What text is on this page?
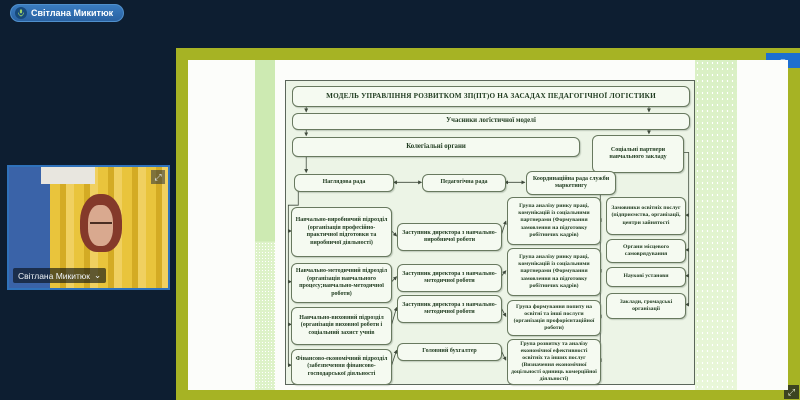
Світлана Микитюк
⤢
Світлана Микитюк ⌄
⤢
МОДЕЛЬ УПРАВЛІННЯ РОЗВИТКОМ ЗП(ПТ)О НА ЗАСАДАХ ПЕДАГОГІЧНОЇ ЛОГІСТИКИ
Учасники логістичної моделі
Колегіальні органи	Соціальні партнери навчального закладу
Наглядова рада	Педагогічна рада
Координаційна рада служби маркетингу
Навчально-виробничий підрозділ (організація професійно-практичної підготовки та виробничої діяльності)
Навчально-методичний підрозділ (організація навчального процесу;навчально-методичної роботи)
Навчально-виховний підрозділ (організація виховної роботи і соціальний захист учнів
Фінансово-економічний підрозділ (забезпечення фінансово-господарської діяльності
Заступник директора з навчально-виробничої роботи
Заступник директора з навчально-методичної роботи
Заступник директора з навчально-методичної роботи
Головний бухгалтер
Група аналізу ринку праці, комунікацій із соціальними партнерами (Формування замовлення на підготовку робітничих кадрів)
Група аналізу ринку праці, комунікацій із соціальними партнерами (Формування замовлення на підготовку робітничих кадрів)
Група формування попиту на освітні та інші послуги (організація профорієнтаційної роботи)
Група розвитку та аналізу економічної ефективності освітніх та інших послуг (Визначення економічної доцільності одиниць комерційної діяльності)
Замовники освітніх послуг (підприємства, організації, центри зайнятості
Органи місцевого самоврядування
Наукові установи
Заклади, громадські організації
